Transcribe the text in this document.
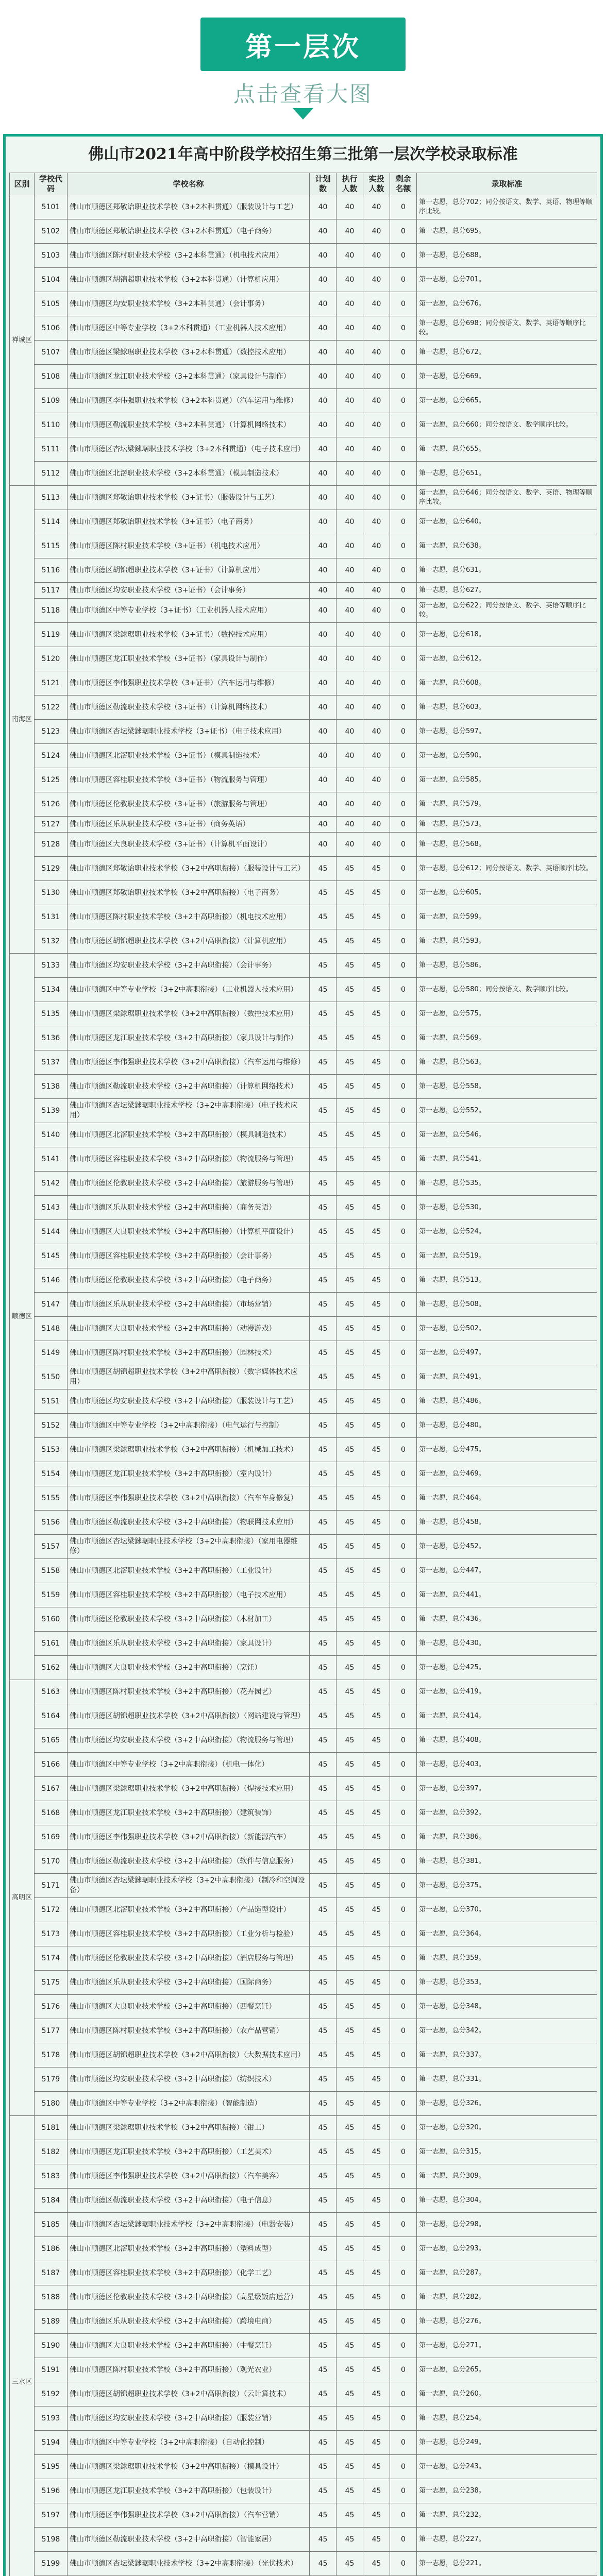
第一层次
点击查看大图
佛山市2021年高中阶段学校招生第三批第一层次学校录取标准
区别	学校代码	学校名称	计划数	执行人数	实投人数	剩余名额	录取标准
禅城区	5101	佛山市顺德区郑敬诒职业技术学校（3+2本科贯通）（服装设计与工艺）	40	40	40	0	第一志愿，总分702；同分按语文、数学、英语、物理等顺序比较。
	5102	佛山市顺德区郑敬诒职业技术学校（3+2本科贯通）（电子商务）	40	40	40	0	第一志愿，总分695。
	5103	佛山市顺德区陈村职业技术学校（3+2本科贯通）（机电技术应用）	40	40	40	0	第一志愿，总分688。
	5104	佛山市顺德区胡锦超职业技术学校（3+2本科贯通）（计算机应用）	40	40	40	0	第一志愿，总分701。
	5105	佛山市顺德区均安职业技术学校（3+2本科贯通）（会计事务）	40	40	40	0	第一志愿，总分676。
	5106	佛山市顺德区中等专业学校（3+2本科贯通）（工业机器人技术应用）	40	40	40	0	第一志愿，总分698；同分按语文、数学、英语等顺序比较。
	5107	佛山市顺德区梁銶琚职业技术学校（3+2本科贯通）（数控技术应用）	40	40	40	0	第一志愿，总分672。
	5108	佛山市顺德区龙江职业技术学校（3+2本科贯通）（家具设计与制作）	40	40	40	0	第一志愿，总分669。
	5109	佛山市顺德区李伟强职业技术学校（3+2本科贯通）（汽车运用与维修）	40	40	40	0	第一志愿，总分665。
	5110	佛山市顺德区勒流职业技术学校（3+2本科贯通）（计算机网络技术）	40	40	40	0	第一志愿，总分660；同分按语文、数学顺序比较。
	5111	佛山市顺德区杏坛梁銶琚职业技术学校（3+2本科贯通）（电子技术应用）	40	40	40	0	第一志愿，总分655。
	5112	佛山市顺德区北滘职业技术学校（3+2本科贯通）（模具制造技术）	40	40	40	0	第一志愿，总分651。
南海区	5113	佛山市顺德区郑敬诒职业技术学校（3+证书）（服装设计与工艺）	40	40	40	0	第一志愿，总分646；同分按语文、数学、英语、物理等顺序比较。
	5114	佛山市顺德区郑敬诒职业技术学校（3+证书）（电子商务）	40	40	40	0	第一志愿，总分640。
	5115	佛山市顺德区陈村职业技术学校（3+证书）（机电技术应用）	40	40	40	0	第一志愿，总分638。
	5116	佛山市顺德区胡锦超职业技术学校（3+证书）（计算机应用）	40	40	40	0	第一志愿，总分631。
	5117	佛山市顺德区均安职业技术学校（3+证书）（会计事务）	40	40	40	0	第一志愿，总分627。
	5118	佛山市顺德区中等专业学校（3+证书）（工业机器人技术应用）	40	40	40	0	第一志愿，总分622；同分按语文、数学、英语等顺序比较。
	5119	佛山市顺德区梁銶琚职业技术学校（3+证书）（数控技术应用）	40	40	40	0	第一志愿，总分618。
	5120	佛山市顺德区龙江职业技术学校（3+证书）（家具设计与制作）	40	40	40	0	第一志愿，总分612。
	5121	佛山市顺德区李伟强职业技术学校（3+证书）（汽车运用与维修）	40	40	40	0	第一志愿，总分608。
	5122	佛山市顺德区勒流职业技术学校（3+证书）（计算机网络技术）	40	40	40	0	第一志愿，总分603。
	5123	佛山市顺德区杏坛梁銶琚职业技术学校（3+证书）（电子技术应用）	40	40	40	0	第一志愿，总分597。
	5124	佛山市顺德区北滘职业技术学校（3+证书）（模具制造技术）	40	40	40	0	第一志愿，总分590。
	5125	佛山市顺德区容桂职业技术学校（3+证书）（物流服务与管理）	40	40	40	0	第一志愿，总分585。
	5126	佛山市顺德区伦教职业技术学校（3+证书）（旅游服务与管理）	40	40	40	0	第一志愿，总分579。
	5127	佛山市顺德区乐从职业技术学校（3+证书）（商务英语）	40	40	40	0	第一志愿，总分573。
	5128	佛山市顺德区大良职业技术学校（3+证书）（计算机平面设计）	40	40	40	0	第一志愿，总分568。
	5129	佛山市顺德区郑敬诒职业技术学校（3+2中高职衔接）（服装设计与工艺）	45	45	45	0	第一志愿，总分612；同分按语文、数学、英语顺序比较。
	5130	佛山市顺德区郑敬诒职业技术学校（3+2中高职衔接）（电子商务）	45	45	45	0	第一志愿，总分605。
	5131	佛山市顺德区陈村职业技术学校（3+2中高职衔接）（机电技术应用）	45	45	45	0	第一志愿，总分599。
	5132	佛山市顺德区胡锦超职业技术学校（3+2中高职衔接）（计算机应用）	45	45	45	0	第一志愿，总分593。
顺德区	5133	佛山市顺德区均安职业技术学校（3+2中高职衔接）（会计事务）	45	45	45	0	第一志愿，总分586。
	5134	佛山市顺德区中等专业学校（3+2中高职衔接）（工业机器人技术应用）	45	45	45	0	第一志愿，总分580；同分按语文、数学顺序比较。
	5135	佛山市顺德区梁銶琚职业技术学校（3+2中高职衔接）（数控技术应用）	45	45	45	0	第一志愿，总分575。
	5136	佛山市顺德区龙江职业技术学校（3+2中高职衔接）（家具设计与制作）	45	45	45	0	第一志愿，总分569。
	5137	佛山市顺德区李伟强职业技术学校（3+2中高职衔接）（汽车运用与维修）	45	45	45	0	第一志愿，总分563。
	5138	佛山市顺德区勒流职业技术学校（3+2中高职衔接）（计算机网络技术）	45	45	45	0	第一志愿，总分558。
	5139	佛山市顺德区杏坛梁銶琚职业技术学校（3+2中高职衔接）（电子技术应用）	45	45	45	0	第一志愿，总分552。
	5140	佛山市顺德区北滘职业技术学校（3+2中高职衔接）（模具制造技术）	45	45	45	0	第一志愿，总分546。
	5141	佛山市顺德区容桂职业技术学校（3+2中高职衔接）（物流服务与管理）	45	45	45	0	第一志愿，总分541。
	5142	佛山市顺德区伦教职业技术学校（3+2中高职衔接）（旅游服务与管理）	45	45	45	0	第一志愿，总分535。
	5143	佛山市顺德区乐从职业技术学校（3+2中高职衔接）（商务英语）	45	45	45	0	第一志愿，总分530。
	5144	佛山市顺德区大良职业技术学校（3+2中高职衔接）（计算机平面设计）	45	45	45	0	第一志愿，总分524。
	5145	佛山市顺德区容桂职业技术学校（3+2中高职衔接）（会计事务）	45	45	45	0	第一志愿，总分519。
	5146	佛山市顺德区伦教职业技术学校（3+2中高职衔接）（电子商务）	45	45	45	0	第一志愿，总分513。
	5147	佛山市顺德区乐从职业技术学校（3+2中高职衔接）（市场营销）	45	45	45	0	第一志愿，总分508。
	5148	佛山市顺德区大良职业技术学校（3+2中高职衔接）（动漫游戏）	45	45	45	0	第一志愿，总分502。
	5149	佛山市顺德区陈村职业技术学校（3+2中高职衔接）（园林技术）	45	45	45	0	第一志愿，总分497。
	5150	佛山市顺德区胡锦超职业技术学校（3+2中高职衔接）（数字媒体技术应用）	45	45	45	0	第一志愿，总分491。
	5151	佛山市顺德区均安职业技术学校（3+2中高职衔接）（服装设计与工艺）	45	45	45	0	第一志愿，总分486。
	5152	佛山市顺德区中等专业学校（3+2中高职衔接）（电气运行与控制）	45	45	45	0	第一志愿，总分480。
	5153	佛山市顺德区梁銶琚职业技术学校（3+2中高职衔接）（机械加工技术）	45	45	45	0	第一志愿，总分475。
	5154	佛山市顺德区龙江职业技术学校（3+2中高职衔接）（室内设计）	45	45	45	0	第一志愿，总分469。
	5155	佛山市顺德区李伟强职业技术学校（3+2中高职衔接）（汽车车身修复）	45	45	45	0	第一志愿，总分464。
	5156	佛山市顺德区勒流职业技术学校（3+2中高职衔接）（物联网技术应用）	45	45	45	0	第一志愿，总分458。
	5157	佛山市顺德区杏坛梁銶琚职业技术学校（3+2中高职衔接）（家用电器维修）	45	45	45	0	第一志愿，总分452。
	5158	佛山市顺德区北滘职业技术学校（3+2中高职衔接）（工业设计）	45	45	45	0	第一志愿，总分447。
	5159	佛山市顺德区容桂职业技术学校（3+2中高职衔接）（电子技术应用）	45	45	45	0	第一志愿，总分441。
	5160	佛山市顺德区伦教职业技术学校（3+2中高职衔接）（木材加工）	45	45	45	0	第一志愿，总分436。
	5161	佛山市顺德区乐从职业技术学校（3+2中高职衔接）（家具设计）	45	45	45	0	第一志愿，总分430。
	5162	佛山市顺德区大良职业技术学校（3+2中高职衔接）（烹饪）	45	45	45	0	第一志愿，总分425。
高明区	5163	佛山市顺德区陈村职业技术学校（3+2中高职衔接）（花卉园艺）	45	45	45	0	第一志愿，总分419。
	5164	佛山市顺德区胡锦超职业技术学校（3+2中高职衔接）（网站建设与管理）	45	45	45	0	第一志愿，总分414。
	5165	佛山市顺德区均安职业技术学校（3+2中高职衔接）（物流服务与管理）	45	45	45	0	第一志愿，总分408。
	5166	佛山市顺德区中等专业学校（3+2中高职衔接）（机电一体化）	45	45	45	0	第一志愿，总分403。
	5167	佛山市顺德区梁銶琚职业技术学校（3+2中高职衔接）（焊接技术应用）	45	45	45	0	第一志愿，总分397。
	5168	佛山市顺德区龙江职业技术学校（3+2中高职衔接）（建筑装饰）	45	45	45	0	第一志愿，总分392。
	5169	佛山市顺德区李伟强职业技术学校（3+2中高职衔接）（新能源汽车）	45	45	45	0	第一志愿，总分386。
	5170	佛山市顺德区勒流职业技术学校（3+2中高职衔接）（软件与信息服务）	45	45	45	0	第一志愿，总分381。
	5171	佛山市顺德区杏坛梁銶琚职业技术学校（3+2中高职衔接）（制冷和空调设备）	45	45	45	0	第一志愿，总分375。
	5172	佛山市顺德区北滘职业技术学校（3+2中高职衔接）（产品造型设计）	45	45	45	0	第一志愿，总分370。
	5173	佛山市顺德区容桂职业技术学校（3+2中高职衔接）（工业分析与检验）	45	45	45	0	第一志愿，总分364。
	5174	佛山市顺德区伦教职业技术学校（3+2中高职衔接）（酒店服务与管理）	45	45	45	0	第一志愿，总分359。
	5175	佛山市顺德区乐从职业技术学校（3+2中高职衔接）（国际商务）	45	45	45	0	第一志愿，总分353。
	5176	佛山市顺德区大良职业技术学校（3+2中高职衔接）（西餐烹饪）	45	45	45	0	第一志愿，总分348。
	5177	佛山市顺德区陈村职业技术学校（3+2中高职衔接）（农产品营销）	45	45	45	0	第一志愿，总分342。
	5178	佛山市顺德区胡锦超职业技术学校（3+2中高职衔接）（大数据技术应用）	45	45	45	0	第一志愿，总分337。
	5179	佛山市顺德区均安职业技术学校（3+2中高职衔接）（纺织技术）	45	45	45	0	第一志愿，总分331。
	5180	佛山市顺德区中等专业学校（3+2中高职衔接）（智能制造）	45	45	45	0	第一志愿，总分326。
三水区	5181	佛山市顺德区梁銶琚职业技术学校（3+2中高职衔接）（钳工）	45	45	45	0	第一志愿，总分320。
	5182	佛山市顺德区龙江职业技术学校（3+2中高职衔接）（工艺美术）	45	45	45	0	第一志愿，总分315。
	5183	佛山市顺德区李伟强职业技术学校（3+2中高职衔接）（汽车美容）	45	45	45	0	第一志愿，总分309。
	5184	佛山市顺德区勒流职业技术学校（3+2中高职衔接）（电子信息）	45	45	45	0	第一志愿，总分304。
	5185	佛山市顺德区杏坛梁銶琚职业技术学校（3+2中高职衔接）（电器安装）	45	45	45	0	第一志愿，总分298。
	5186	佛山市顺德区北滘职业技术学校（3+2中高职衔接）（塑料成型）	45	45	45	0	第一志愿，总分293。
	5187	佛山市顺德区容桂职业技术学校（3+2中高职衔接）（化学工艺）	45	45	45	0	第一志愿，总分287。
	5188	佛山市顺德区伦教职业技术学校（3+2中高职衔接）（高星级饭店运营）	45	45	45	0	第一志愿，总分282。
	5189	佛山市顺德区乐从职业技术学校（3+2中高职衔接）（跨境电商）	45	45	45	0	第一志愿，总分276。
	5190	佛山市顺德区大良职业技术学校（3+2中高职衔接）（中餐烹饪）	45	45	45	0	第一志愿，总分271。
	5191	佛山市顺德区陈村职业技术学校（3+2中高职衔接）（观光农业）	45	45	45	0	第一志愿，总分265。
	5192	佛山市顺德区胡锦超职业技术学校（3+2中高职衔接）（云计算技术）	45	45	45	0	第一志愿，总分260。
	5193	佛山市顺德区均安职业技术学校（3+2中高职衔接）（服装营销）	45	45	45	0	第一志愿，总分254。
	5194	佛山市顺德区中等专业学校（3+2中高职衔接）（自动化控制）	45	45	45	0	第一志愿，总分249。
	5195	佛山市顺德区梁銶琚职业技术学校（3+2中高职衔接）（模具设计）	45	45	45	0	第一志愿，总分243。
	5196	佛山市顺德区龙江职业技术学校（3+2中高职衔接）（包装设计）	45	45	45	0	第一志愿，总分238。
	5197	佛山市顺德区李伟强职业技术学校（3+2中高职衔接）（汽车营销）	45	45	45	0	第一志愿，总分232。
	5198	佛山市顺德区勒流职业技术学校（3+2中高职衔接）（智能家居）	45	45	45	0	第一志愿，总分227。
	5199	佛山市顺德区杏坛梁銶琚职业技术学校（3+2中高职衔接）（光伏技术）	45	45	45	0	第一志愿，总分221。
